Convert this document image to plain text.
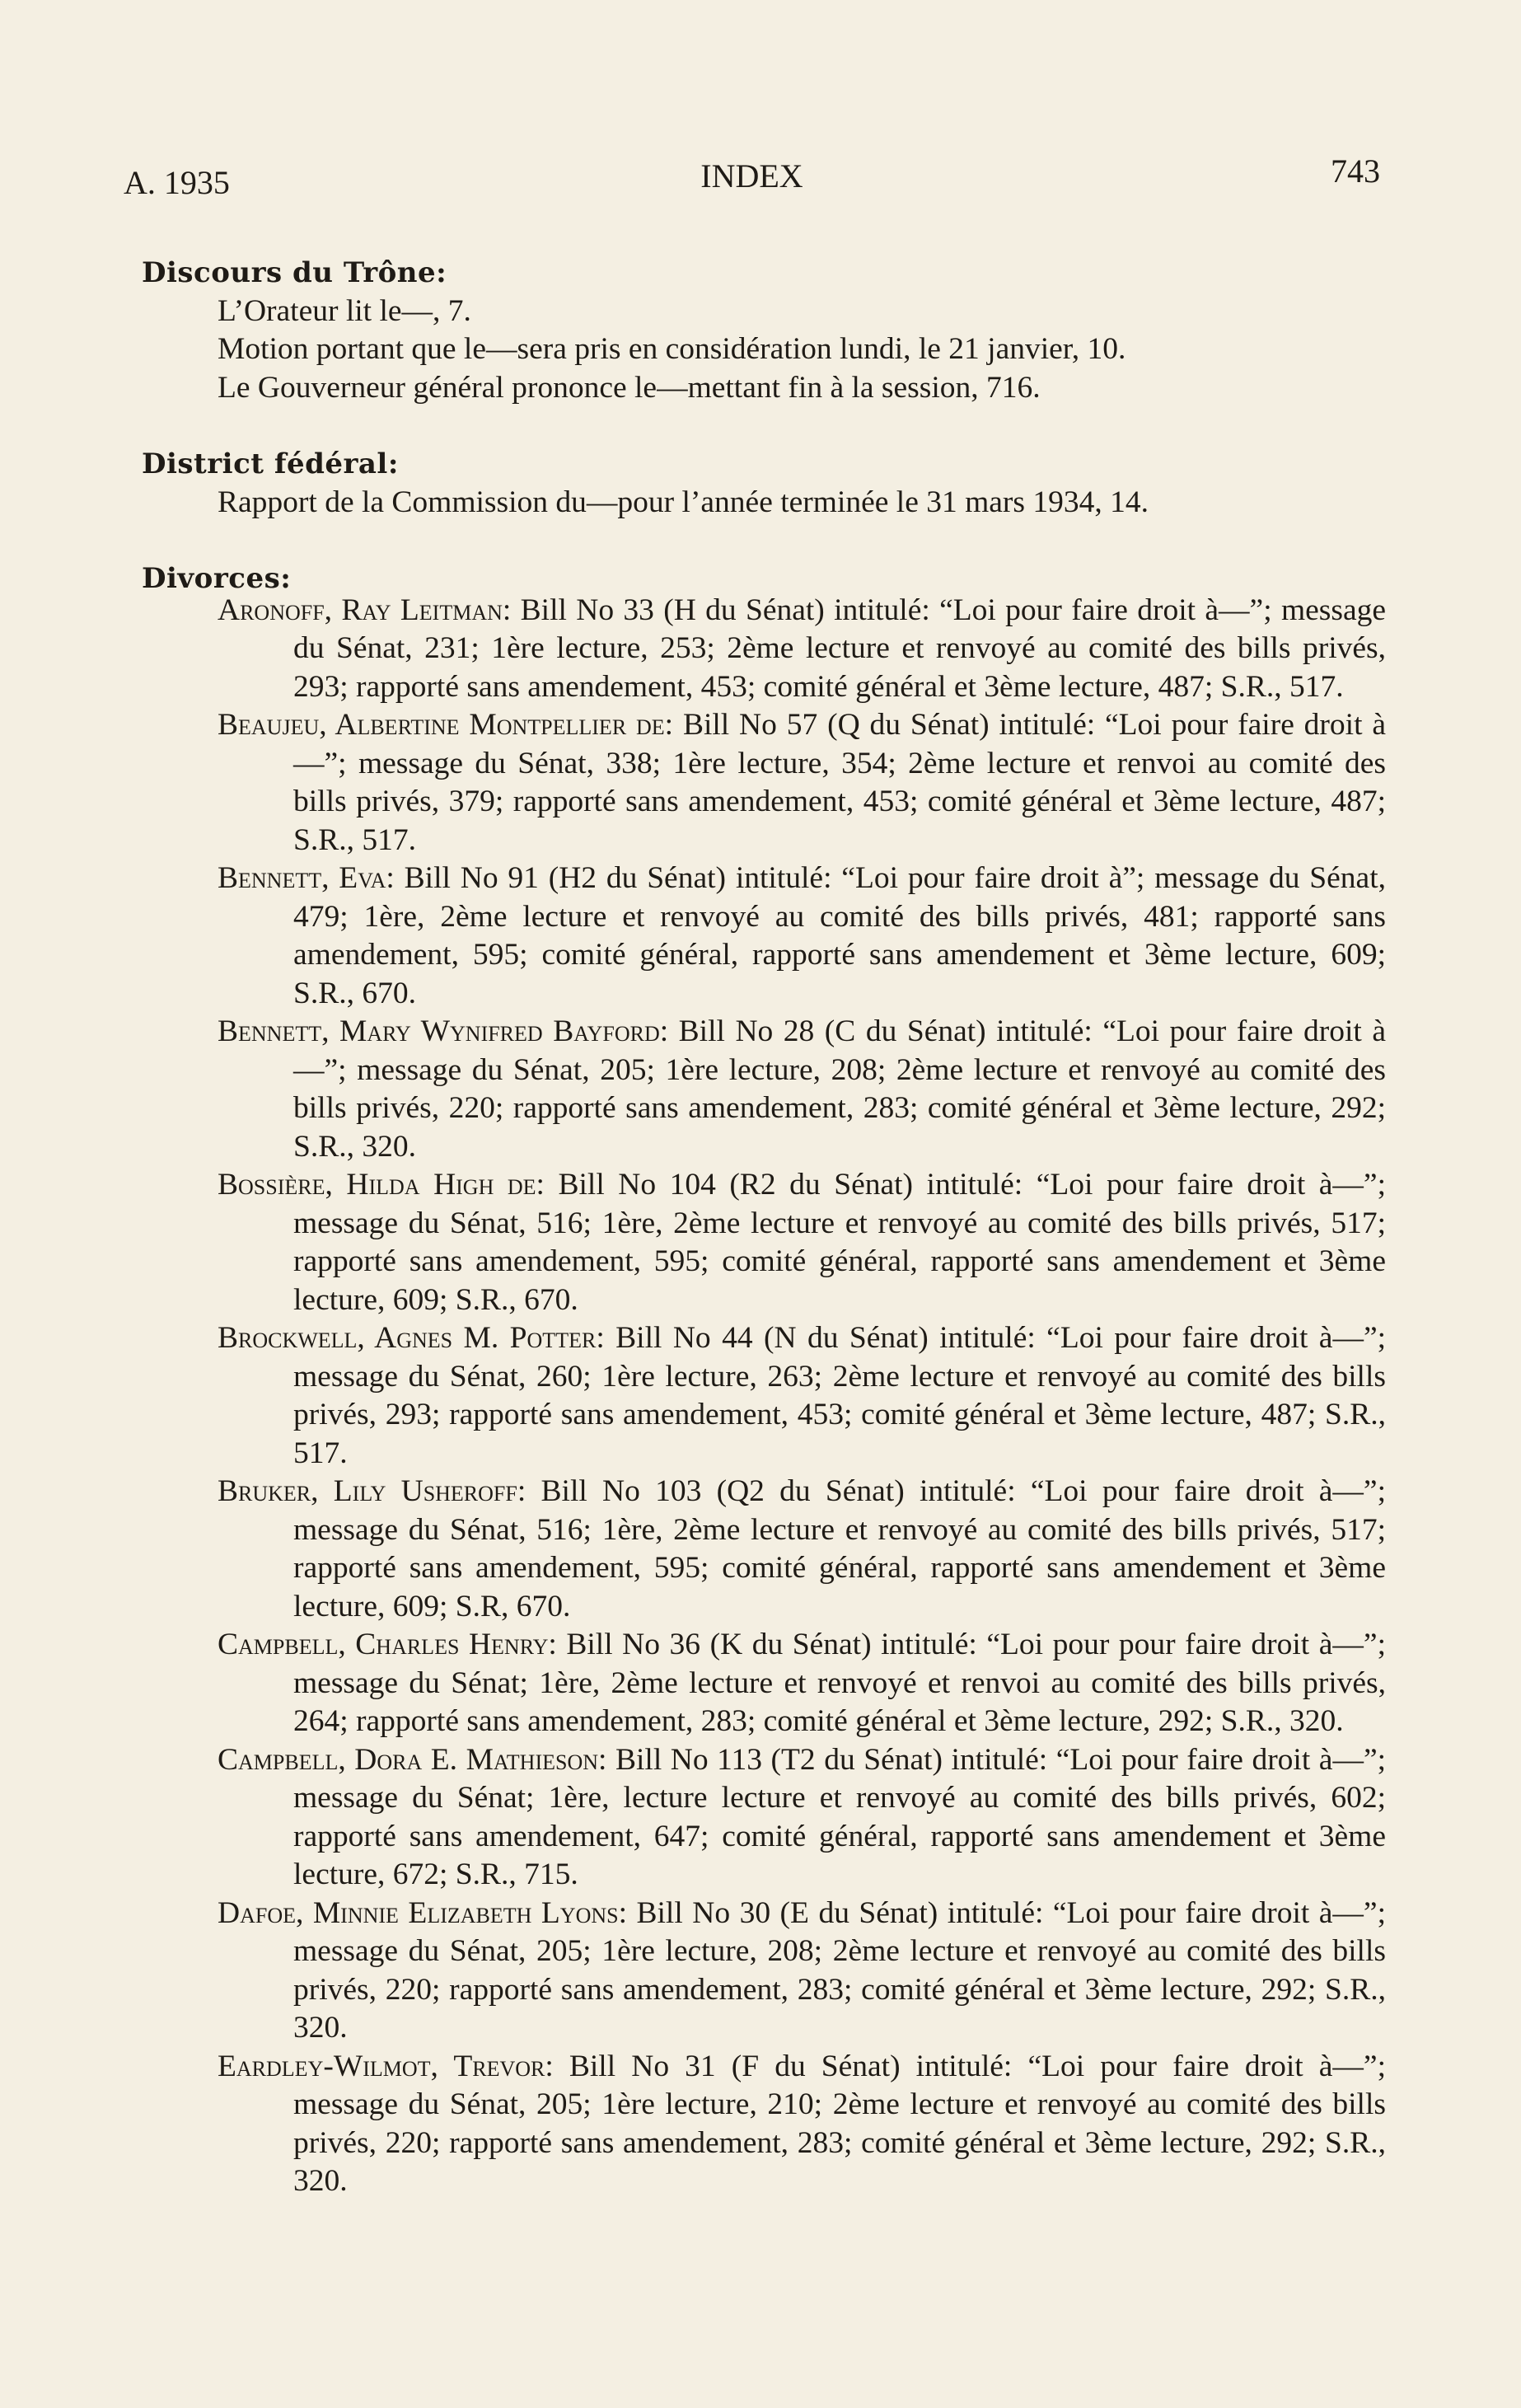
A. 1935	INDEX	743
Discours du Trône:
L’Orateur lit le—, 7.
Motion portant que le—sera pris en considération lundi, le 21 janvier, 10.
Le Gouverneur général prononce le—mettant fin à la session, 716.
District fédéral:
Rapport de la Commission du—pour l’année terminée le 31 mars 1934, 14.
Divorces:
Aronoff, Ray Leitman: Bill No 33 (H du Sénat) intitulé: “Loi pour faire droit à—”; message du Sénat, 231; 1ère lecture, 253; 2ème lecture et renvoyé au comité des bills privés, 293; rapporté sans amendement, 453; comité général et 3ème lecture, 487; S.R., 517.
Beaujeu, Albertine Montpellier de: Bill No 57 (Q du Sénat) intitulé: “Loi pour faire droit à—”; message du Sénat, 338; 1ère lecture, 354; 2ème lecture et renvoi au comité des bills privés, 379; rapporté sans amendement, 453; comité général et 3ème lecture, 487; S.R., 517.
Bennett, Eva: Bill No 91 (H2 du Sénat) intitulé: “Loi pour faire droit à”; message du Sénat, 479; 1ère, 2ème lecture et renvoyé au comité des bills privés, 481; rapporté sans amendement, 595; comité général, rapporté sans amendement et 3ème lecture, 609; S.R., 670.
Bennett, Mary Wynifred Bayford: Bill No 28 (C du Sénat) intitulé: “Loi pour faire droit à—”; message du Sénat, 205; 1ère lecture, 208; 2ème lecture et renvoyé au comité des bills privés, 220; rapporté sans amendement, 283; comité général et 3ème lecture, 292; S.R., 320.
Bossière, Hilda High de: Bill No 104 (R2 du Sénat) intitulé: “Loi pour faire droit à—”; message du Sénat, 516; 1ère, 2ème lecture et renvoyé au comité des bills privés, 517; rapporté sans amendement, 595; comité général, rapporté sans amendement et 3ème lecture, 609; S.R., 670.
Brockwell, Agnes M. Potter: Bill No 44 (N du Sénat) intitulé: “Loi pour faire droit à—”; message du Sénat, 260; 1ère lecture, 263; 2ème lecture et renvoyé au comité des bills privés, 293; rapporté sans amendement, 453; comité général et 3ème lecture, 487; S.R., 517.
Bruker, Lily Usheroff: Bill No 103 (Q2 du Sénat) intitulé: “Loi pour faire droit à—”; message du Sénat, 516; 1ère, 2ème lecture et renvoyé au comité des bills privés, 517; rapporté sans amendement, 595; comité général, rapporté sans amendement et 3ème lecture, 609; S.R, 670.
Campbell, Charles Henry: Bill No 36 (K du Sénat) intitulé: “Loi pour pour faire droit à—”; message du Sénat; 1ère, 2ème lecture et renvoyé et renvoi au comité des bills privés, 264; rapporté sans amendement, 283; comité général et 3ème lecture, 292; S.R., 320.
Campbell, Dora E. Mathieson: Bill No 113 (T2 du Sénat) intitulé: “Loi pour faire droit à—”; message du Sénat; 1ère, lecture lecture et renvoyé au comité des bills privés, 602; rapporté sans amendement, 647; comité général, rapporté sans amendement et 3ème lecture, 672; S.R., 715.
Dafoe, Minnie Elizabeth Lyons: Bill No 30 (E du Sénat) intitulé: “Loi pour faire droit à—”; message du Sénat, 205; 1ère lecture, 208; 2ème lecture et renvoyé au comité des bills privés, 220; rapporté sans amendement, 283; comité général et 3ème lecture, 292; S.R., 320.
Eardley-Wilmot, Trevor: Bill No 31 (F du Sénat) intitulé: “Loi pour faire droit à—”; message du Sénat, 205; 1ère lecture, 210; 2ème lecture et renvoyé au comité des bills privés, 220; rapporté sans amendement, 283; comité général et 3ème lecture, 292; S.R., 320.
